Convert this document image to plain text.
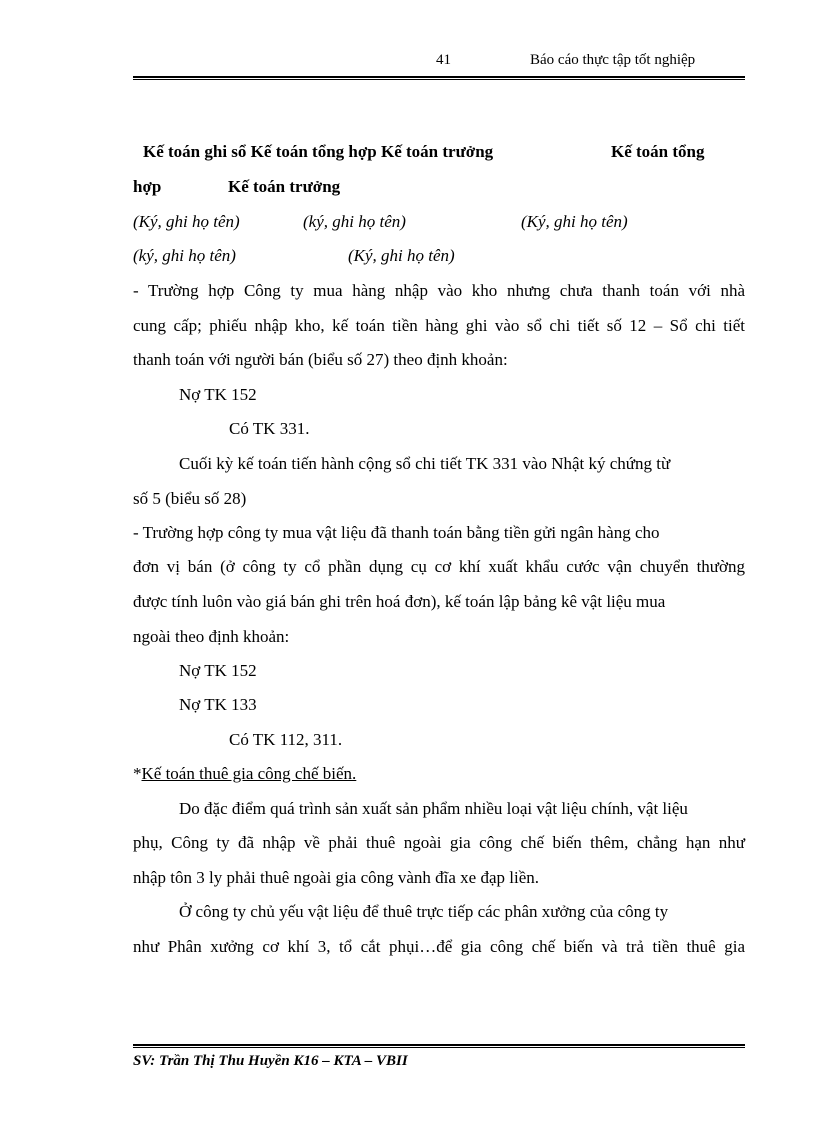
41	Báo cáo thực tập tốt nghiệp
Kế toán ghi sổ Kế toán tổng hợp Kế toán trưởng	Kế toán tổng
hợp	Kế toán trưởng
(Ký, ghi họ tên)	(ký, ghi họ tên)	(Ký, ghi họ tên)
(ký, ghi họ tên)	(Ký, ghi họ tên)
- Trường hợp Công ty mua hàng nhập vào kho nhưng chưa thanh toán với nhà
cung cấp; phiếu nhập kho, kế toán tiền hàng ghi vào sổ chi tiết số 12 – Sổ chi tiết
thanh toán với người bán (biểu số 27) theo định khoản:
Nợ TK 152
Có TK 331.
Cuối kỳ kế toán tiến hành cộng sổ chi tiết TK 331 vào Nhật ký chứng từ
số 5 (biểu số 28)
- Trường hợp công ty mua vật liệu đã thanh toán bằng tiền gửi ngân hàng cho
đơn vị bán (ở công ty cổ phần dụng cụ cơ khí xuất khẩu cước vận chuyển thường
được tính luôn vào giá bán ghi trên hoá đơn), kế toán lập bảng kê vật liệu mua
ngoài theo định khoản:
Nợ TK 152
Nợ TK 133
Có TK 112, 311.
*Kế toán thuê gia công chế biến.
Do đặc điểm quá trình sản xuất sản phẩm nhiều loại vật liệu chính, vật liệu
phụ, Công ty đã nhập về phải thuê ngoài gia công chế biến thêm, chẳng hạn như
nhập tôn 3 ly phải thuê ngoài gia công vành đĩa xe đạp liền.
Ở công ty chủ yếu vật liệu để thuê trực tiếp các phân xưởng của công ty
như Phân xưởng cơ khí 3, tổ cắt phụi…để gia công chế biến và trả tiền thuê gia
SV: Trần Thị Thu Huyền K16 – KTA – VBII
